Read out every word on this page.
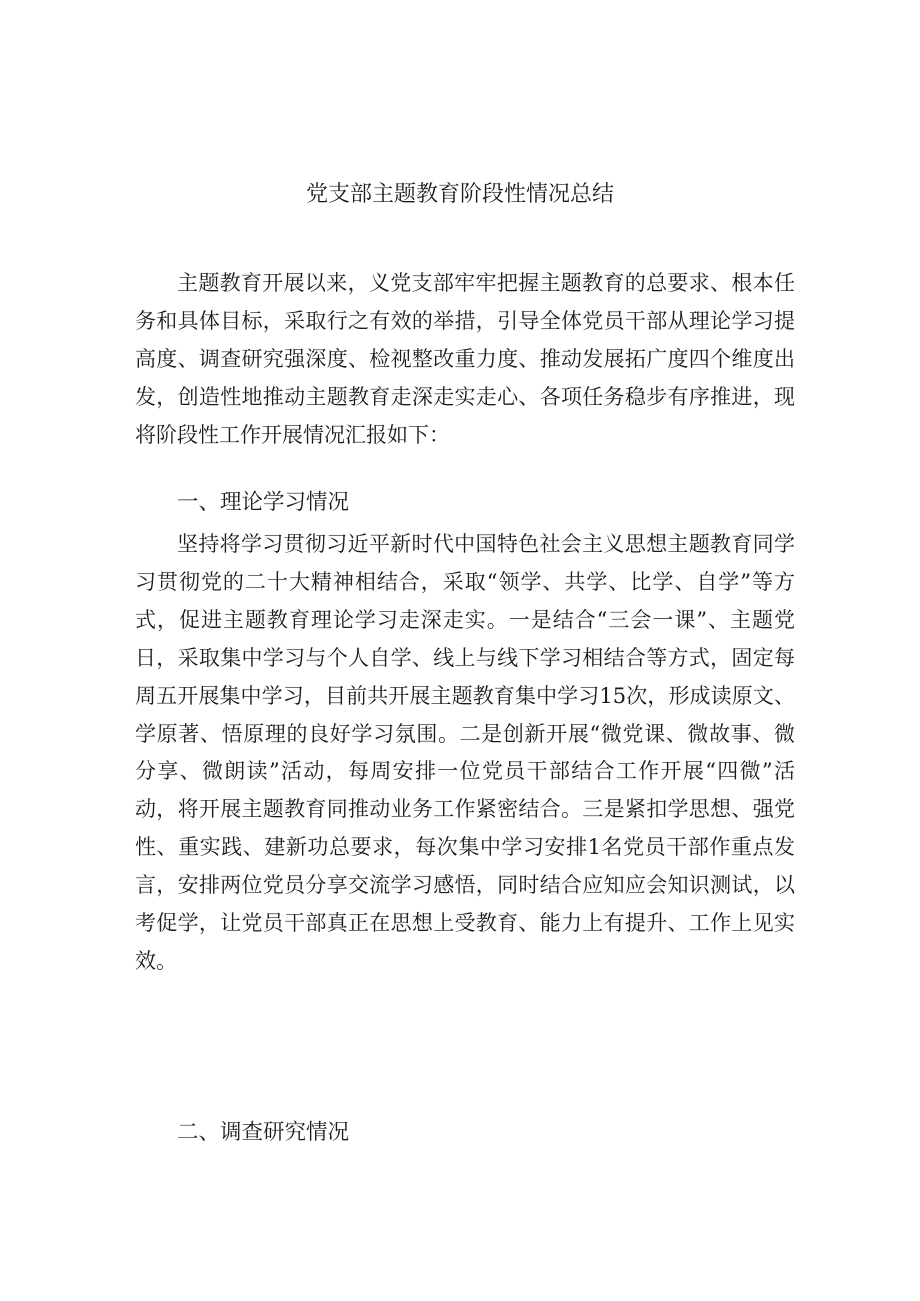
党支部主题教育阶段性情况总结

主题教育开展以来，义党支部牢牢把握主题教育的总要求、根本任务和具体目标，采取行之有效的举措，引导全体党员干部从理论学习提高度、调查研究强深度、检视整改重力度、推动发展拓广度四个维度出发，创造性地推动主题教育走深走实走心、各项任务稳步有序推进，现将阶段性工作开展情况汇报如下：

一、理论学习情况

坚持将学习贯彻习近平新时代中国特色社会主义思想主题教育同学习贯彻党的二十大精神相结合，采取“领学、共学、比学、自学”等方式，促进主题教育理论学习走深走实。一是结合“三会一课”、主题党日，采取集中学习与个人自学、线上与线下学习相结合等方式，固定每周五开展集中学习，目前共开展主题教育集中学习15次，形成读原文、学原著、悟原理的良好学习氛围。二是创新开展“微党课、微故事、微分享、微朗读”活动，每周安排一位党员干部结合工作开展“四微”活动，将开展主题教育同推动业务工作紧密结合。三是紧扣学思想、强党性、重实践、建新功总要求，每次集中学习安排1名党员干部作重点发言，安排两位党员分享交流学习感悟，同时结合应知应会知识测试，以考促学，让党员干部真正在思想上受教育、能力上有提升、工作上见实效。

二、调查研究情况
